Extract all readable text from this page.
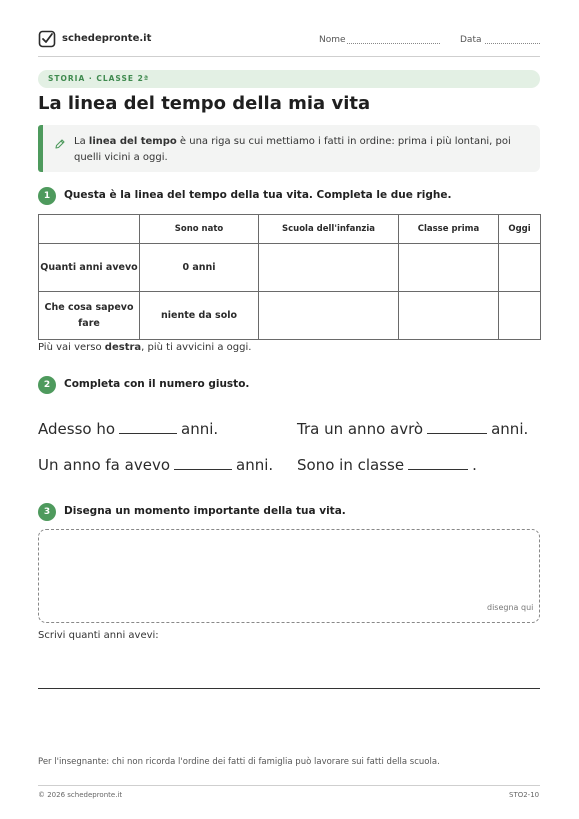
schedepronte.it	Nome	Data
STORIA · CLASSE 2ª
La linea del tempo della mia vita
La linea del tempo è una riga su cui mettiamo i fatti in ordine: prima i più lontani, poi quelli vicini a oggi.
1	Questa è la linea del tempo della tua vita. Completa le due righe.
	Sono nato	Scuola dell'infanzia	Classe prima	Oggi
Quanti anni avevo	0 anni			
Che cosa sapevo fare	niente da solo			
Più vai verso destra, più ti avvicini a oggi.
2	Completa con il numero giusto.
Adesso ho	anni.	Tra un anno avrò	anni.
Un anno fa avevo	anni. Sono in classe	.
3	Disegna un momento importante della tua vita.
disegna qui
Scrivi quanti anni avevi:
Per l'insegnante: chi non ricorda l'ordine dei fatti di famiglia può lavorare sui fatti della scuola.
© 2026 schedepronte.it	STO2-10
